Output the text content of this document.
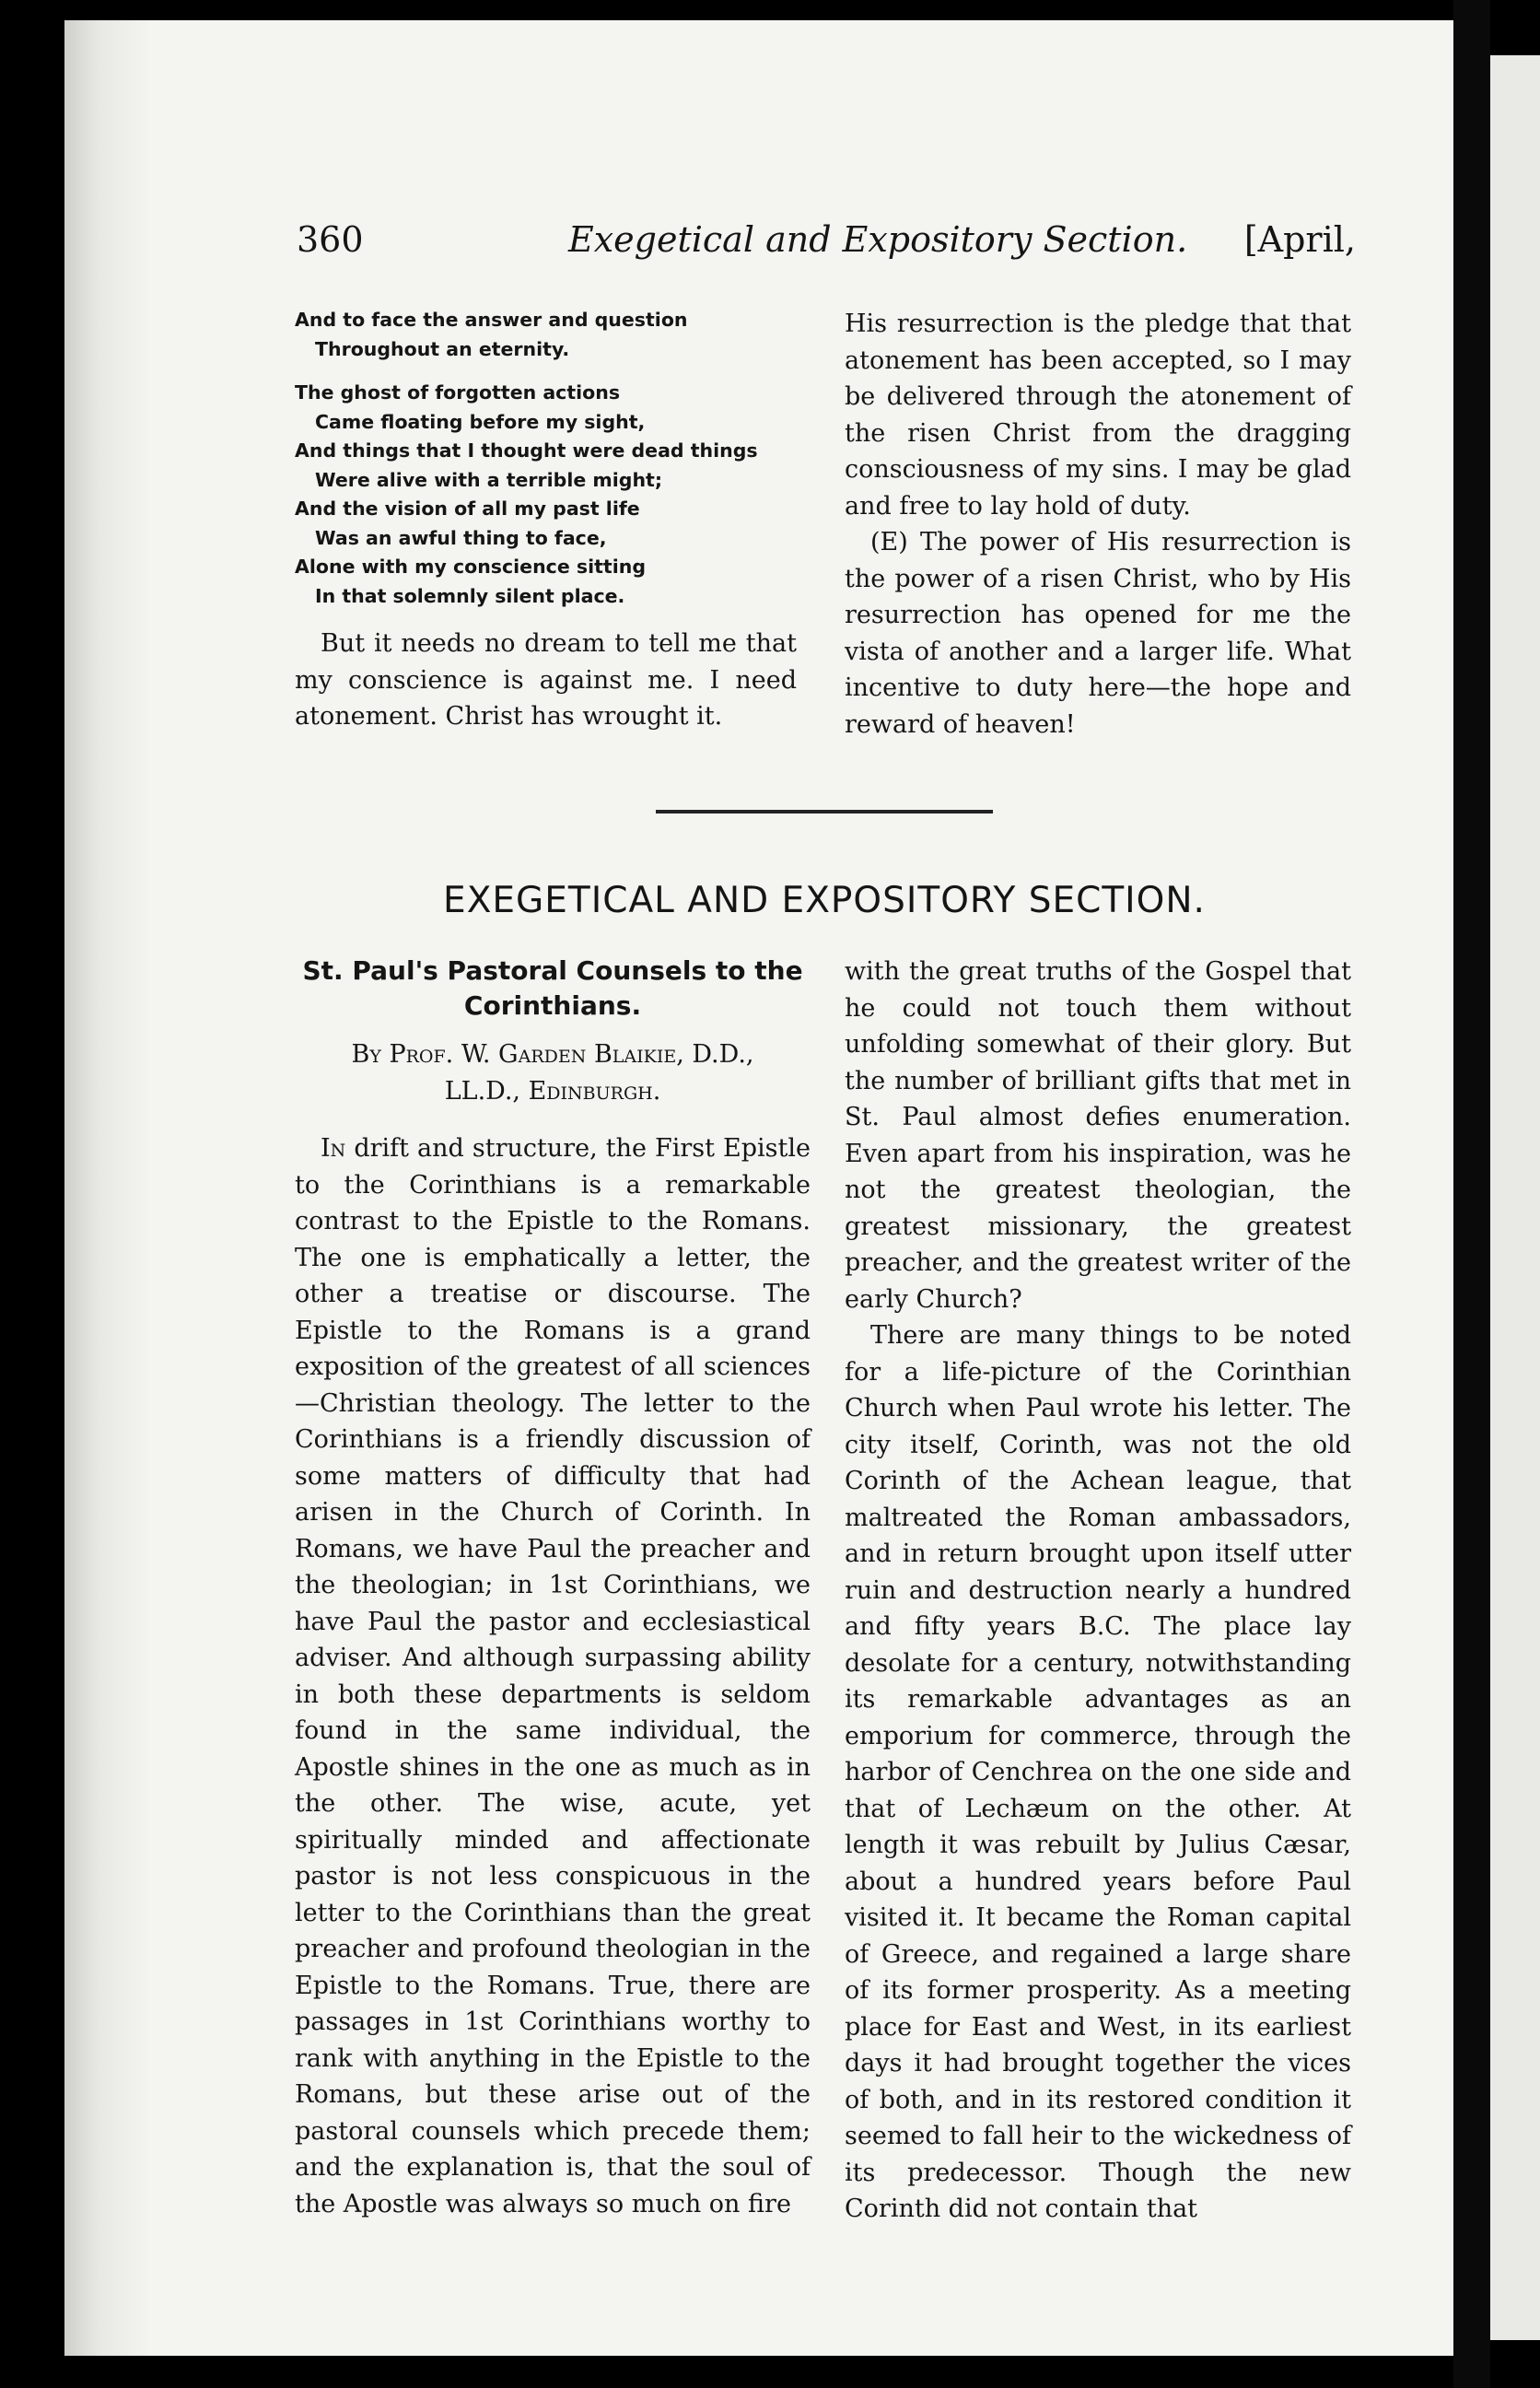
360	Exegetical and Expository Section. [April,
And to face the answer and question
Throughout an eternity.
The ghost of forgotten actions
Came floating before my sight,
And things that I thought were dead things
Were alive with a terrible might;
And the vision of all my past life
Was an awful thing to face,
Alone with my conscience sitting
In that solemnly silent place.

But it needs no dream to tell me that my conscience is against me. I need atonement. Christ has wrought it.

His resurrection is the pledge that that atonement has been accepted, so I may be delivered through the atonement of the risen Christ from the dragging consciousness of my sins. I may be glad and free to lay hold of duty.

(E) The power of His resurrection is the power of a risen Christ, who by His resurrection has opened for me the vista of another and a larger life. What incentive to duty here—the hope and reward of heaven!

EXEGETICAL AND EXPOSITORY SECTION.
St. Paul's Pastoral Counsels to the Corinthians.
By Prof. W. Garden Blaikie, D.D.,
LL.D., Edinburgh.

In drift and structure, the First Epistle to the Corinthians is a remarkable contrast to the Epistle to the Romans. The one is emphatically a letter, the other a treatise or discourse. The Epistle to the Romans is a grand exposition of the greatest of all sciences—Christian theology. The letter to the Corinthians is a friendly discussion of some matters of difficulty that had arisen in the Church of Corinth. In Romans, we have Paul the preacher and the theologian; in 1st Corinthians, we have Paul the pastor and ecclesiastical adviser. And although surpassing ability in both these departments is seldom found in the same individual, the Apostle shines in the one as much as in the other. The wise, acute, yet spiritually minded and affectionate pastor is not less conspicuous in the letter to the Corinthians than the great preacher and profound theologian in the Epistle to the Romans. True, there are passages in 1st Corinthians worthy to rank with anything in the Epistle to the Romans, but these arise out of the pastoral counsels which precede them; and the explanation is, that the soul of the Apostle was always so much on fire

with the great truths of the Gospel that he could not touch them without unfolding somewhat of their glory. But the number of brilliant gifts that met in St. Paul almost defies enumeration. Even apart from his inspiration, was he not the greatest theologian, the greatest missionary, the greatest preacher, and the greatest writer of the early Church?

There are many things to be noted for a life-picture of the Corinthian Church when Paul wrote his letter. The city itself, Corinth, was not the old Corinth of the Achean league, that maltreated the Roman ambassadors, and in return brought upon itself utter ruin and destruction nearly a hundred and fifty years B.C. The place lay desolate for a century, notwithstanding its remarkable advantages as an emporium for commerce, through the harbor of Cenchrea on the one side and that of Lechæum on the other. At length it was rebuilt by Julius Cæsar, about a hundred years before Paul visited it. It became the Roman capital of Greece, and regained a large share of its former prosperity. As a meeting place for East and West, in its earliest days it had brought together the vices of both, and in its restored condition it seemed to fall heir to the wickedness of its predecessor. Though the new Corinth did not contain that
